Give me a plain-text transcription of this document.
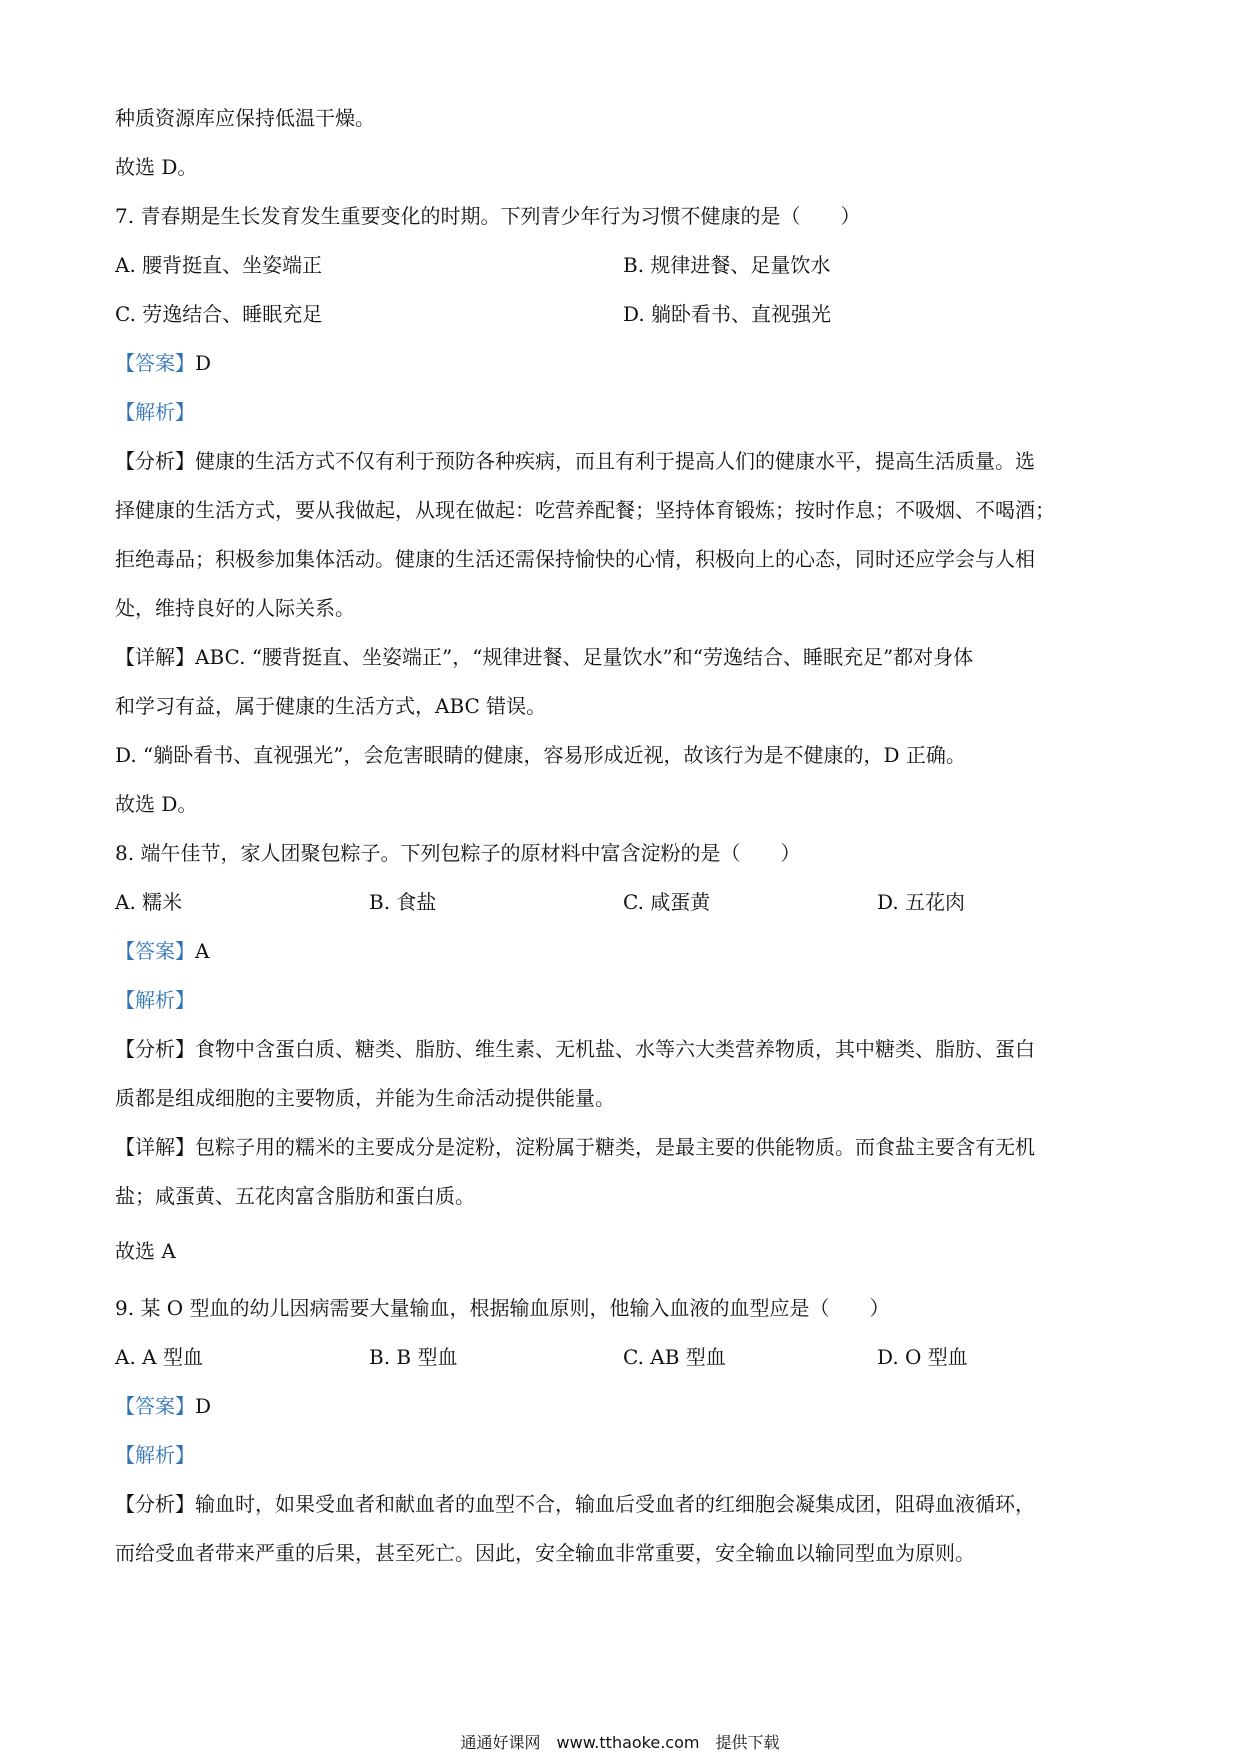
种质资源库应保持低温干燥。
故选 D。
7. 青春期是生长发育发生重要变化的时期。下列青少年行为习惯不健康的是（　　）
A. 腰背挺直、坐姿端正	B. 规律进餐、足量饮水
C. 劳逸结合、睡眠充足	D. 躺卧看书、直视强光
【答案】D
【解析】
【分析】健康的生活方式不仅有利于预防各种疾病，而且有利于提高人们的健康水平，提高生活质量。选
择健康的生活方式，要从我做起，从现在做起：吃营养配餐；坚持体育锻炼；按时作息；不吸烟、不喝酒；
拒绝毒品；积极参加集体活动。健康的生活还需保持愉快的心情，积极向上的心态，同时还应学会与人相
处，维持良好的人际关系。
【详解】ABC. “腰背挺直、坐姿端正”，“规律进餐、足量饮水”和“劳逸结合、睡眠充足”都对身体
和学习有益，属于健康的生活方式，ABC 错误。
D. “躺卧看书、直视强光”，会危害眼睛的健康，容易形成近视，故该行为是不健康的，D 正确。
故选 D。
8. 端午佳节，家人团聚包粽子。下列包粽子的原材料中富含淀粉的是（　　）
A. 糯米	B. 食盐	C. 咸蛋黄	D. 五花肉
【答案】A
【解析】
【分析】食物中含蛋白质、糖类、脂肪、维生素、无机盐、水等六大类营养物质，其中糖类、脂肪、蛋白
质都是组成细胞的主要物质，并能为生命活动提供能量。
【详解】包粽子用的糯米的主要成分是淀粉，淀粉属于糖类，是最主要的供能物质。而食盐主要含有无机
盐；咸蛋黄、五花肉富含脂肪和蛋白质。
故选 A
9. 某 O 型血的幼儿因病需要大量输血，根据输血原则，他输入血液的血型应是（　　）
A. A 型血	B. B 型血	C. AB 型血	D. O 型血
【答案】D
【解析】
【分析】输血时，如果受血者和献血者的血型不合，输血后受血者的红细胞会凝集成团，阻碍血液循环，
而给受血者带来严重的后果，甚至死亡。因此，安全输血非常重要，安全输血以输同型血为原则。
通通好课网　www.tthaoke.com　提供下载
